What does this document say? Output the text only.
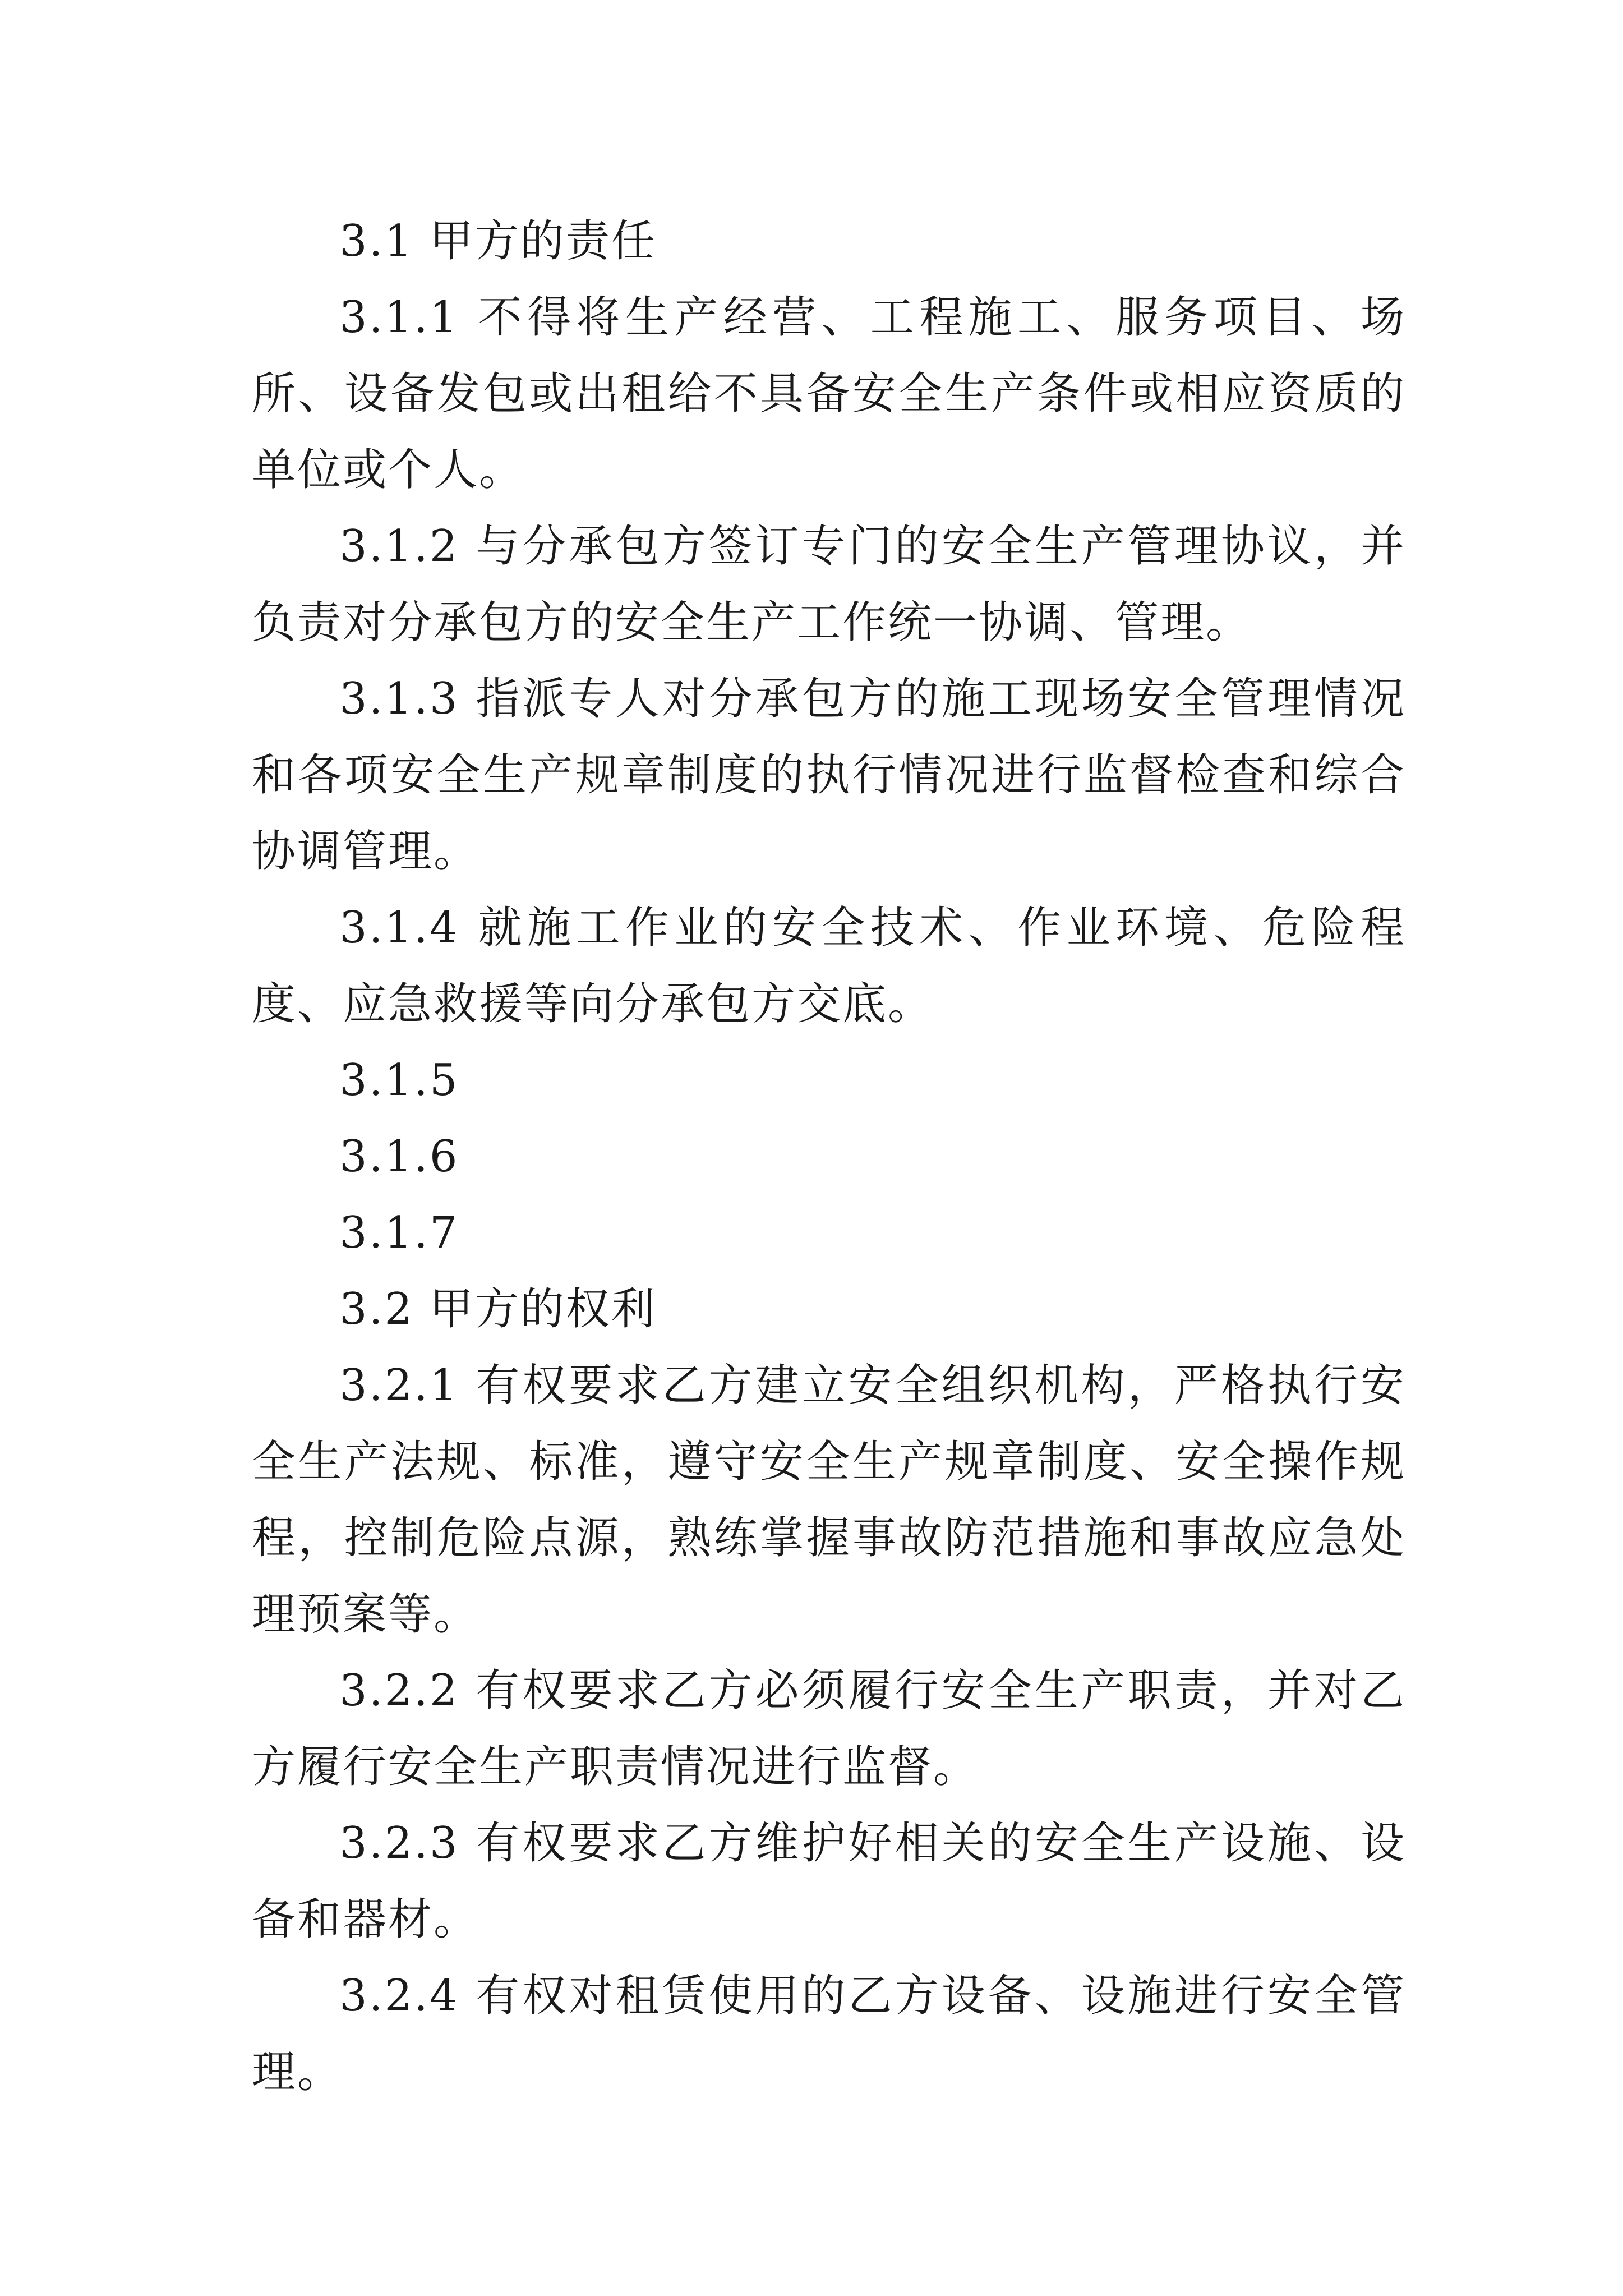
3.1 甲方的责任

3.1.1 不得将生产经营、工程施工、服务项目、场所、设备发包或出租给不具备安全生产条件或相应资质的单位或个人。

3.1.2 与分承包方签订专门的安全生产管理协议，并负责对分承包方的安全生产工作统一协调、管理。

3.1.3 指派专人对分承包方的施工现场安全管理情况和各项安全生产规章制度的执行情况进行监督检查和综合协调管理。

3.1.4 就施工作业的安全技术、作业环境、危险程度、应急救援等向分承包方交底。

3.1.5

3.1.6

3.1.7

3.2 甲方的权利

3.2.1 有权要求乙方建立安全组织机构，严格执行安全生产法规、标准，遵守安全生产规章制度、安全操作规程，控制危险点源，熟练掌握事故防范措施和事故应急处理预案等。

3.2.2 有权要求乙方必须履行安全生产职责，并对乙方履行安全生产职责情况进行监督。

3.2.3 有权要求乙方维护好相关的安全生产设施、设备和器材。

3.2.4 有权对租赁使用的乙方设备、设施进行安全管理。
